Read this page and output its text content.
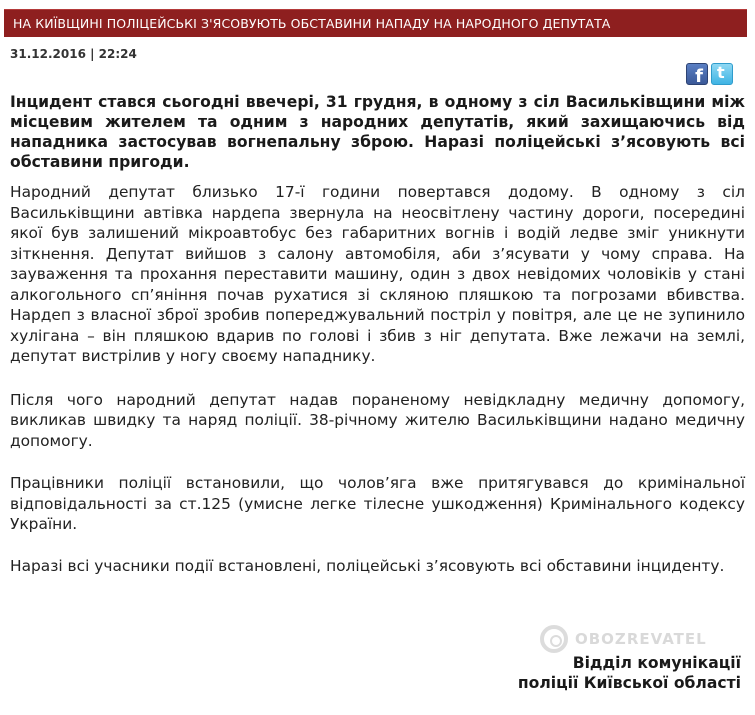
НА КИЇВЩИНІ ПОЛІЦЕЙСЬКІ З'ЯСОВУЮТЬ ОБСТАВИНИ НАПАДУ НА НАРОДНОГО ДЕПУТАТА
31.12.2016 | 22:24
f t

Інцидент стався сьогодні ввечері, 31 грудня, в одному з сіл Васильківщини між місцевим жителем та одним з народних депутатів, який захищаючись від нападника застосував вогнепальну зброю. Наразі поліцейські з’ясовують всі обставини пригоди.

Народний депутат близько 17-ї години повертався додому. В одному з сіл Васильківщини автівка нардепа звернула на неосвітлену частину дороги, посередині якої був залишений мікроавтобус без габаритних вогнів і водій ледве зміг уникнути зіткнення. Депутат вийшов з салону автомобіля, аби з’ясувати у чому справа. На зауваження та прохання переставити машину, один з двох невідомих чоловіків у стані алкогольного сп’яніння почав рухатися зі скляною пляшкою та погрозами вбивства. Нардеп з власної зброї зробив попереджувальний постріл у повітря, але це не зупинило хулігана – він пляшкою вдарив по голові і збив з ніг депутата. Вже лежачи на землі, депутат вистрілив у ногу своєму нападнику.

Після чого народний депутат надав пораненому невідкладну медичну допомогу, викликав швидку та наряд поліції. 38-річному жителю Васильківщини надано медичну допомогу.

Працівники поліції встановили, що чолов’яга вже притягувався до кримінальної відповідальності за ст.125 (умисне легке тілесне ушкодження) Кримінального кодексу України.

Наразі всі учасники події встановлені, поліцейські з’ясовують всі обставини інциденту.

OBOZREVATEL
Відділ комунікації
поліції Київської області
